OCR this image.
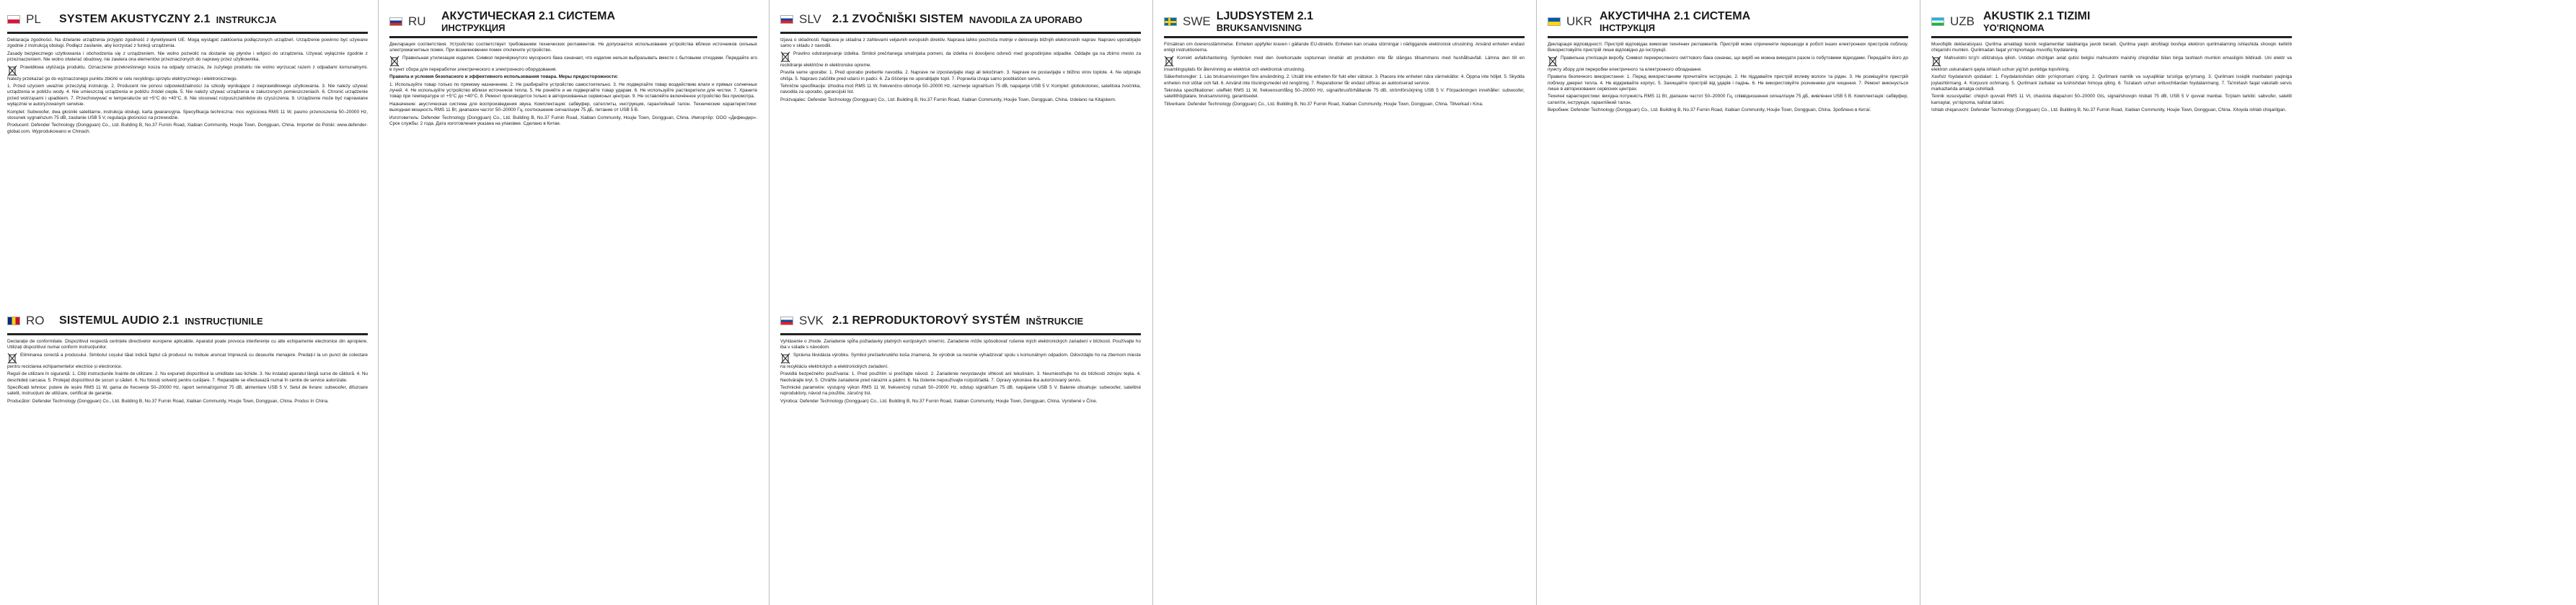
PL	SYSTEM AKUSTYCZNY 2.1 INSTRUKCJA

Deklaracja zgodności. Na dzielanie urządzenia przyjęto zgodność z dyrektywami UE. Mogą wystąpić zakłócenia podłączonych urządzeń. Urządzenie powinno być używane zgodnie z instrukcją obsługi. Podłącz zasilanie, aby korzystać z funkcji urządzenia.

Zasady bezpiecznego użytkowania i obchodzenia się z urządzeniem. Nie wolno pozwolić na dostanie się płynów i wilgoci do urządzenia. Używać wyłącznie zgodnie z przeznaczeniem. Nie wolno otwierać obudowy, nie zawiera ona elementów przeznaczonych do naprawy przez użytkownika.

Prawidłowa utylizacja produktu. Oznaczenie przekreślonego kosza na odpady oznacza, że zużytego produktu nie wolno wyrzucać razem z odpadami komunalnymi. Należy przekazać go do wyznaczonego punktu zbiórki w celu recyklingu sprzętu elektrycznego i elektronicznego.

1. Przed użyciem uważnie przeczytaj instrukcję. 2. Producent nie ponosi odpowiedzialności za szkody wynikające z nieprawidłowego użytkowania. 3. Nie należy używać urządzenia w pobliżu wody. 4. Nie umieszczaj urządzenia w pobliżu źródeł ciepła. 5. Nie należy używać urządzenia w zakurzonych pomieszczeniach. 6. Chronić urządzenie przed wstrząsami i upadkiem. 7. Przechowywać w temperaturze od +5°C do +40°C. 8. Nie stosować rozpuszczalników do czyszczenia. 9. Urządzenie może być naprawiane wyłącznie w autoryzowanym serwisie.

Komplet: Subwoofer, dwa głośniki satelitarne, instrukcja obsługi, karta gwarancyjna. Specyfikacja techniczna: moc wyjściowa RMS 11 W, pasmo przenoszenia 50–20000 Hz, stosunek sygnał/szum 75 dB, zasilanie USB 5 V, regulacja głośności na przewodzie.

Producent: Defender Technology (Dongguan) Co., Ltd. Building B, No.37 Furnin Road, Xiabian Community, Houjie Town, Dongguan, China. Importer do Polski: www.defender-global.com. Wyprodukowano w Chinach.

RO	SISTEMUL AUDIO 2.1 INSTRUCȚIUNILE

Declarație de conformitate. Dispozitivul respectă cerințele directivelor europene aplicabile. Aparatul poate provoca interferențe cu alte echipamente electronice din apropiere. Utilizați dispozitivul numai conform instrucțiunilor.

Eliminarea corectă a produsului. Simbolul coșului tăiat indică faptul că produsul nu trebuie aruncat împreună cu deșeurile menajere. Predați-l la un punct de colectare pentru reciclarea echipamentelor electrice și electronice.

Reguli de utilizare în siguranță: 1. Citiți instrucțiunile înainte de utilizare. 2. Nu expuneți dispozitivul la umiditate sau lichide. 3. Nu instalați aparatul lângă surse de căldură. 4. Nu deschideți carcasa. 5. Protejați dispozitivul de șocuri și căderi. 6. Nu folosiți solvenți pentru curățare. 7. Reparațiile se efectuează numai în centre de service autorizate.

Specificații tehnice: putere de ieșire RMS 11 W, gama de frecvențe 50–20000 Hz, raport semnal/zgomot 75 dB, alimentare USB 5 V. Setul de livrare: subwoofer, difuzoare satelit, instrucțiuni de utilizare, certificat de garanție.

Producător: Defender Technology (Dongguan) Co., Ltd. Building B, No.37 Furnin Road, Xiabian Community, Houjie Town, Dongguan, China. Produs în China.

RU	АКУСТИЧЕСКАЯ 2.1 СИСТЕМА
ИНСТРУКЦИЯ

Декларация соответствия. Устройство соответствует требованиям технических регламентов. Не допускается использование устройства вблизи источников сильных электромагнитных помех. При возникновении помех отключите устройство.

Правильная утилизация изделия. Символ перечёркнутого мусорного бака означает, что изделие нельзя выбрасывать вместе с бытовыми отходами. Передайте его в пункт сбора для переработки электрического и электронного оборудования.

Правила и условия безопасного и эффективного использования товара. Меры предосторожности:

1. Используйте товар только по прямому назначению. 2. Не разбирайте устройство самостоятельно. 3. Не подвергайте товар воздействию влаги и прямых солнечных лучей. 4. Не используйте устройство вблизи источников тепла. 5. Не роняйте и не подвергайте товар ударам. 6. Не используйте растворители для чистки. 7. Храните товар при температуре от +5°C до +40°C. 8. Ремонт производится только в авторизованных сервисных центрах. 9. Не оставляйте включённое устройство без присмотра.

Назначение: акустическая система для воспроизведения звука. Комплектация: сабвуфер, сателлиты, инструкция, гарантийный талон. Технические характеристики: выходная мощность RMS 11 Вт, диапазон частот 50–20000 Гц, соотношение сигнал/шум 75 дБ, питание от USB 5 В.

Изготовитель: Defender Technology (Dongguan) Co., Ltd. Building B, No.37 Furnin Road, Xiabian Community, Houjie Town, Dongguan, China. Импортёр: ООО «Дефендер». Срок службы: 2 года. Дата изготовления указана на упаковке. Сделано в Китае.

SLV 2.1 ZVOČNIŠKI SISTEM NAVODILA ZA UPORABO

Izjava o skladnosti. Naprava je skladna z zahtevami veljavnih evropskih direktiv. Naprava lahko povzroča motnje v delovanju bližnjih elektronskih naprav. Napravo uporabljajte samo v skladu z navodili.

Pravilno odstranjevanje izdelka. Simbol prečrtanega smetnjaka pomeni, da izdelka ni dovoljeno odvreči med gospodinjske odpadke. Oddajte ga na zbirno mesto za recikliranje električne in elektronske opreme.

Pravila varne uporabe: 1. Pred uporabo preberite navodila. 2. Naprave ne izpostavljajte vlagi ali tekočinam. 3. Naprave ne postavljajte v bližino virov toplote. 4. Ne odpirajte ohišja. 5. Napravo zaščitite pred udarci in padci. 6. Za čiščenje ne uporabljajte topil. 7. Popravila izvaja samo pooblaščen servis.

Tehnične specifikacije: izhodna moč RMS 11 W, frekvenčno območje 50–20000 Hz, razmerje signal/šum 75 dB, napajanje USB 5 V. Komplet: globokotonec, satelitska zvočnika, navodila za uporabo, garancijski list.

Proizvajalec: Defender Technology (Dongguan) Co., Ltd. Building B, No.37 Furnin Road, Xiabian Community, Houjie Town, Dongguan, China. Izdelano na Kitajskem.

SVK 2.1 REPRODUKTOROVÝ SYSTÉM INŠTRUKCIE

Vyhlásenie o zhode. Zariadenie spĺňa požiadavky platných európskych smerníc. Zariadenie môže spôsobovať rušenie iných elektronických zariadení v blízkosti. Používajte ho iba v súlade s návodom.

Správna likvidácia výrobku. Symbol prečiarknutého koša znamená, že výrobok sa nesmie vyhadzovať spolu s komunálnym odpadom. Odovzdajte ho na zbernom mieste na recykláciu elektrických a elektronických zariadení.

Pravidlá bezpečného používania: 1. Pred použitím si prečítajte návod. 2. Zariadenie nevystavujte vlhkosti ani tekutinám. 3. Neumiestňujte ho do blízkosti zdrojov tepla. 4. Neotvárajte kryt. 5. Chráňte zariadenie pred nárazmi a pádmi. 6. Na čistenie nepoužívajte rozpúšťadlá. 7. Opravy vykonáva iba autorizovaný servis.

Technické parametre: výstupný výkon RMS 11 W, frekvenčný rozsah 50–20000 Hz, odstup signál/šum 75 dB, napájanie USB 5 V. Balenie obsahuje: subwoofer, satelitné reproduktory, návod na použitie, záručný list.

Výrobca: Defender Technology (Dongguan) Co., Ltd. Building B, No.37 Furnin Road, Xiabian Community, Houjie Town, Dongguan, China. Vyrobené v Číne.

SWE LJUDSYSTEM 2.1
BRUKSANVISNING

Försäkran om överensstämmelse. Enheten uppfyller kraven i gällande EU-direktiv. Enheten kan orsaka störningar i närliggande elektronisk utrustning. Använd enheten endast enligt instruktionerna.

Korrekt avfallshantering. Symbolen med den överkorsade soptunnan innebär att produkten inte får slängas tillsammans med hushållsavfall. Lämna den till en insamlingsplats för återvinning av elektrisk och elektronisk utrustning.

Säkerhetsregler: 1. Läs bruksanvisningen före användning. 2. Utsätt inte enheten för fukt eller vätskor. 3. Placera inte enheten nära värmekällor. 4. Öppna inte höljet. 5. Skydda enheten mot stötar och fall. 6. Använd inte lösningsmedel vid rengöring. 7. Reparationer får endast utföras av auktoriserad service.

Tekniska specifikationer: uteffekt RMS 11 W, frekvensomfång 50–20000 Hz, signal/brusförhållande 75 dB, strömförsörjning USB 5 V. Förpackningen innehåller: subwoofer, satellithögtalare, bruksanvisning, garantisedel.

Tillverkare: Defender Technology (Dongguan) Co., Ltd. Building B, No.37 Furnin Road, Xiabian Community, Houjie Town, Dongguan, China. Tillverkad i Kina.

UKR АКУСТИЧНА 2.1 СИСТЕМА
ІНСТРУКЦІЯ

Декларація відповідності. Пристрій відповідає вимогам технічних регламентів. Пристрій може спричиняти перешкоди в роботі інших електронних пристроїв поблизу. Використовуйте пристрій лише відповідно до інструкції.

Правильна утилізація виробу. Символ перекресленого сміттєвого бака означає, що виріб не можна викидати разом із побутовими відходами. Передайте його до пункту збору для переробки електричного та електронного обладнання.

Правила безпечного використання: 1. Перед використанням прочитайте інструкцію. 2. Не піддавайте пристрій впливу вологи та рідин. 3. Не розміщуйте пристрій поблизу джерел тепла. 4. Не відкривайте корпус. 5. Захищайте пристрій від ударів і падінь. 6. Не використовуйте розчинники для чищення. 7. Ремонт виконується лише в авторизованих сервісних центрах.

Технічні характеристики: вихідна потужність RMS 11 Вт, діапазон частот 50–20000 Гц, співвідношення сигнал/шум 75 дБ, живлення USB 5 В. Комплектація: сабвуфер, сателіти, інструкція, гарантійний талон.

Виробник: Defender Technology (Dongguan) Co., Ltd. Building B, No.37 Furnin Road, Xiabian Community, Houjie Town, Dongguan, China. Зроблено в Китаї.

UZB AKUSTIK 2.1 TIZIMI
YO'RIQNOMA

Muvofiqlik deklaratsiyasi. Qurilma amaldagi texnik reglamentlar talablariga javob beradi. Qurilma yaqin atrofdagi boshqa elektron qurilmalarning ishlashida shovqin keltirib chiqarishi mumkin. Qurilmadan faqat yo'riqnomaga muvofiq foydalaning.

Mahsulotni to'g'ri utilizatsiya qilish. Ustidan chizilgan axlat qutisi belgisi mahsulotni maishiy chiqindilar bilan birga tashlash mumkin emasligini bildiradi. Uni elektr va elektron uskunalarni qayta ishlash uchun yig'ish punktiga topshiring.

Xavfsiz foydalanish qoidalari: 1. Foydalanishdan oldin yo'riqnomani o'qing. 2. Qurilmani namlik va suyuqliklar ta'siriga qo'ymang. 3. Qurilmani issiqlik manbalari yaqiniga joylashtirmang. 4. Korpusni ochmang. 5. Qurilmani zarbalar va tushishdan himoya qiling. 6. Tozalash uchun erituvchilardan foydalanmang. 7. Ta'mirlash faqat vakolatli servis markazlarida amalga oshiriladi.

Texnik xususiyatlar: chiqish quvvati RMS 11 Vt, chastota diapazoni 50–20000 Gts, signal/shovqin nisbati 75 dB, USB 5 V quvvat manbai. To'plam tarkibi: sabvufer, satellit karnaylar, yo'riqnoma, kafolat taloni.

Ishlab chiqaruvchi: Defender Technology (Dongguan) Co., Ltd. Building B, No.37 Furnin Road, Xiabian Community, Houjie Town, Dongguan, China. Xitoyda ishlab chiqarilgan.
